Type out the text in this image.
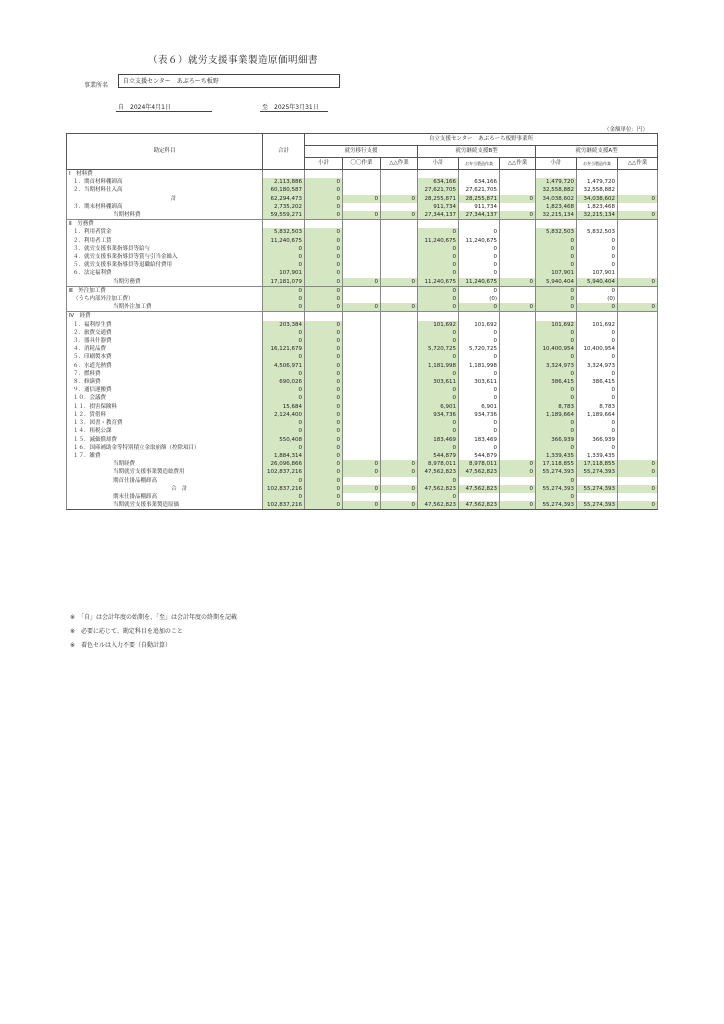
（表６）就労支援事業製造原価明細書
事業所名
自立支援センター　あぶろーち板野
自　2024年4月1日	至　2025年3月31日
（金額単位：円）
勘定科目	合計	自立支援センター　あぶろーち板野事業所								
		就労移行支援			就労継続支援B型			就労継続支援A型		
		小計	〇〇作業	△△作業	小計	お弁当製造作業	△△作業	小計	お弁当製造作業	△△作業
Ⅰ　材料費										
１．期首材料棚卸高	2,113,886	0			634,166	634,166		1,479,720	1,479,720	
２．当期材料仕入高	60,180,587	0			27,621,705	27,621,705		32,558,882	32,558,882	
計	62,294,473	0	0	0	28,255,871	28,255,871	0	34,038,602	34,038,602	0
３．期末材料棚卸高	2,735,202	0			911,734	911,734		1,823,468	1,823,468	
当期材料費	59,559,271	0	0	0	27,344,137	27,344,137	0	32,215,134	32,215,134	0
Ⅱ　労務費										
１．利用者賃金	5,832,503	0			0	0		5,832,503	5,832,503	
２．利用者工賃	11,240,675	0			11,240,675	11,240,675		0	0	
３．就労支援事業指導員等給与	0	0			0	0		0	0	
４．就労支援事業指導員等賞与引当金繰入	0	0			0	0		0	0	
５．就労支援事業指導員等退職給付費用	0	0			0	0		0	0	
６．法定福利費	107,901	0			0	0		107,901	107,901	
当期労務費	17,181,079	0	0	0	11,240,675	11,240,675	0	5,940,404	5,940,404	0
Ⅲ　外注加工費	0	0			0	0		0	0	
（うち内部外注加工費）	0	0			0	(0)		0	(0)	
当期外注加工費	0	0	0	0	0	0	0	0	0	0
Ⅳ　経費										
１．福利厚生費	203,384	0			101,692	101,692		101,692	101,692	
２．旅費交通費	0	0			0	0		0	0	
３．器具什器費	0	0			0	0		0	0	
４．消耗品費	16,121,679	0			5,720,725	5,720,725		10,400,954	10,400,954	
５．印刷製本費	0	0			0	0		0	0	
６．水道光熱費	4,506,971	0			1,181,998	1,181,998		3,324,973	3,324,973	
７．燃料費	0	0			0	0		0	0	
８．修繕費	690,026	0			303,611	303,611		386,415	386,415	
９．通信運搬費	0	0			0	0		0	0	
１０．会議費	0	0			0	0		0	0	
１１．損害保険料	15,684	0			6,901	6,901		8,783	8,783	
１２．賃借料	2,124,400	0			934,736	934,736		1,189,664	1,189,664	
１３．図書・教育費	0	0			0	0		0	0	
１４．租税公課	0	0			0	0		0	0	
１５．減価償却費	550,408	0			183,469	183,469		366,939	366,939	
１６．国庫補助金等特別積立金取崩額（控除項目）	0	0			0	0		0	0	
１７．雑費	1,884,314	0			544,879	544,879		1,339,435	1,339,435	
当期経費	26,096,866	0	0	0	8,978,011	8,978,011	0	17,118,855	17,118,855	0
当期就労支援事業製造総費用	102,837,216	0	0	0	47,562,823	47,562,823	0	55,274,393	55,274,393	0
期首仕掛品棚卸高	0	0			0			0		
合　計	102,837,216	0	0	0	47,562,823	47,562,823	0	55,274,393	55,274,393	0
期末仕掛品棚卸高	0	0			0			0		
当期就労支援事業製造原価	102,837,216	0	0	0	47,562,823	47,562,823	0	55,274,393	55,274,393	0
※　「自」は会計年度の始期を、「至」は会計年度の終期を記載
※　必要に応じて、勘定科目を追加のこと
※　着色セルは入力不要（自動計算）
